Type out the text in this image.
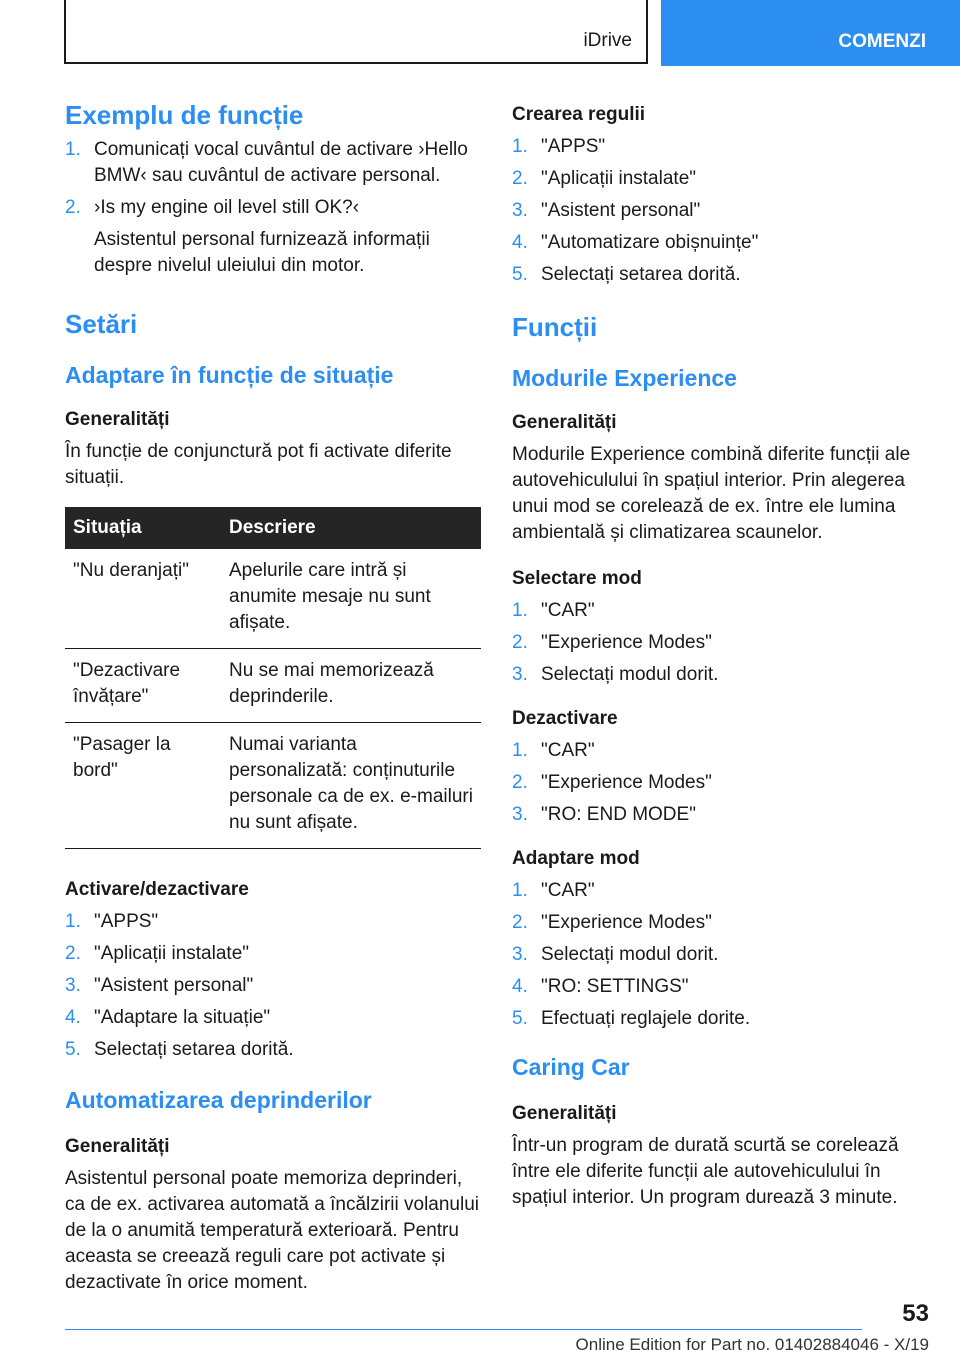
iDrive	COMENZI
Exemplu de funcție
1. Comunicați vocal cuvântul de activare ›Hello BMW‹ sau cuvântul de activare personal.
2. ›Is my engine oil level still OK?‹
Asistentul personal furnizează informații despre nivelul uleiului din motor.
Setări
Adaptare în funcție de situație
Generalități

În funcție de conjunctură pot fi activate diferite situații.

Situația	Descriere
"Nu deranjați"	Apelurile care intră și anumite mesaje nu sunt afișate.
"Dezactivare învățare"	Nu se mai memorizează deprinderile.
"Pasager la bord"	Numai varianta personalizată: conținuturile personale ca de ex. e-mailuri nu sunt afișate.
Activare/dezactivare
1. "APPS"
2. "Aplicații instalate"
3. "Asistent personal"
4. "Adaptare la situație"
5. Selectați setarea dorită.
Automatizarea deprinderilor
Generalități

Asistentul personal poate memoriza deprinderi, ca de ex. activarea automată a încălzirii volanului de la o anumită temperatură exterioară. Pentru aceasta se creează reguli care pot activate și dezactivate în orice moment.

Crearea regulii
1. "APPS"
2. "Aplicații instalate"
3. "Asistent personal"
4. "Automatizare obișnuințe"
5. Selectați setarea dorită.
Funcții
Modurile Experience
Generalități

Modurile Experience combină diferite funcții ale autovehiculului în spațiul interior. Prin alegerea unui mod se corelează de ex. între ele lumina ambientală și climatizarea scaunelor.

Selectare mod
1. "CAR"
2. "Experience Modes"
3. Selectați modul dorit.
Dezactivare
1. "CAR"
2. "Experience Modes"
3. "RO: END MODE"
Adaptare mod
1. "CAR"
2. "Experience Modes"
3. Selectați modul dorit.
4. "RO: SETTINGS"
5. Efectuați reglajele dorite.
Caring Car
Generalități

Într-un program de durată scurtă se corelează între ele diferite funcții ale autovehiculului în spațiul interior. Un program durează 3 minute.

53
Online Edition for Part no. 01402884046 - X/19
